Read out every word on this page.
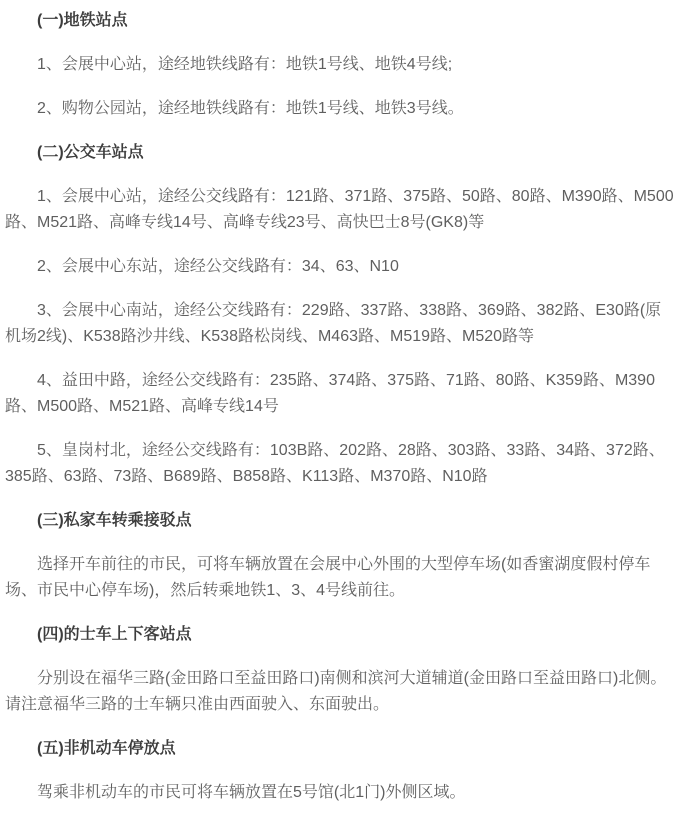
(一)地铁站点

1、会展中心站，途经地铁线路有：地铁1号线、地铁4号线;

2、购物公园站，途经地铁线路有：地铁1号线、地铁3号线。

(二)公交车站点

1、会展中心站，途经公交线路有：121路、371路、375路、50路、80路、M390路、M500路、M521路、高峰专线14号、高峰专线23号、高快巴士8号(GK8)等

2、会展中心东站，途经公交线路有：34、63、N10

3、会展中心南站，途经公交线路有：229路、337路、338路、369路、382路、E30路(原机场2线)、K538路沙井线、K538路松岗线、M463路、M519路、M520路等

4、益田中路，途经公交线路有：235路、374路、375路、71路、80路、K359路、M390路、M500路、M521路、高峰专线14号

5、皇岗村北，途经公交线路有：103B路、202路、28路、303路、33路、34路、372路、385路、63路、73路、B689路、B858路、K113路、M370路、N10路

(三)私家车转乘接驳点

选择开车前往的市民，可将车辆放置在会展中心外围的大型停车场(如香蜜湖度假村停车场、市民中心停车场)，然后转乘地铁1、3、4号线前往。

(四)的士车上下客站点

分别设在福华三路(金田路口至益田路口)南侧和滨河大道辅道(金田路口至益田路口)北侧。请注意福华三路的士车辆只准由西面驶入、东面驶出。

(五)非机动车停放点

驾乘非机动车的市民可将车辆放置在5号馆(北1门)外侧区域。
